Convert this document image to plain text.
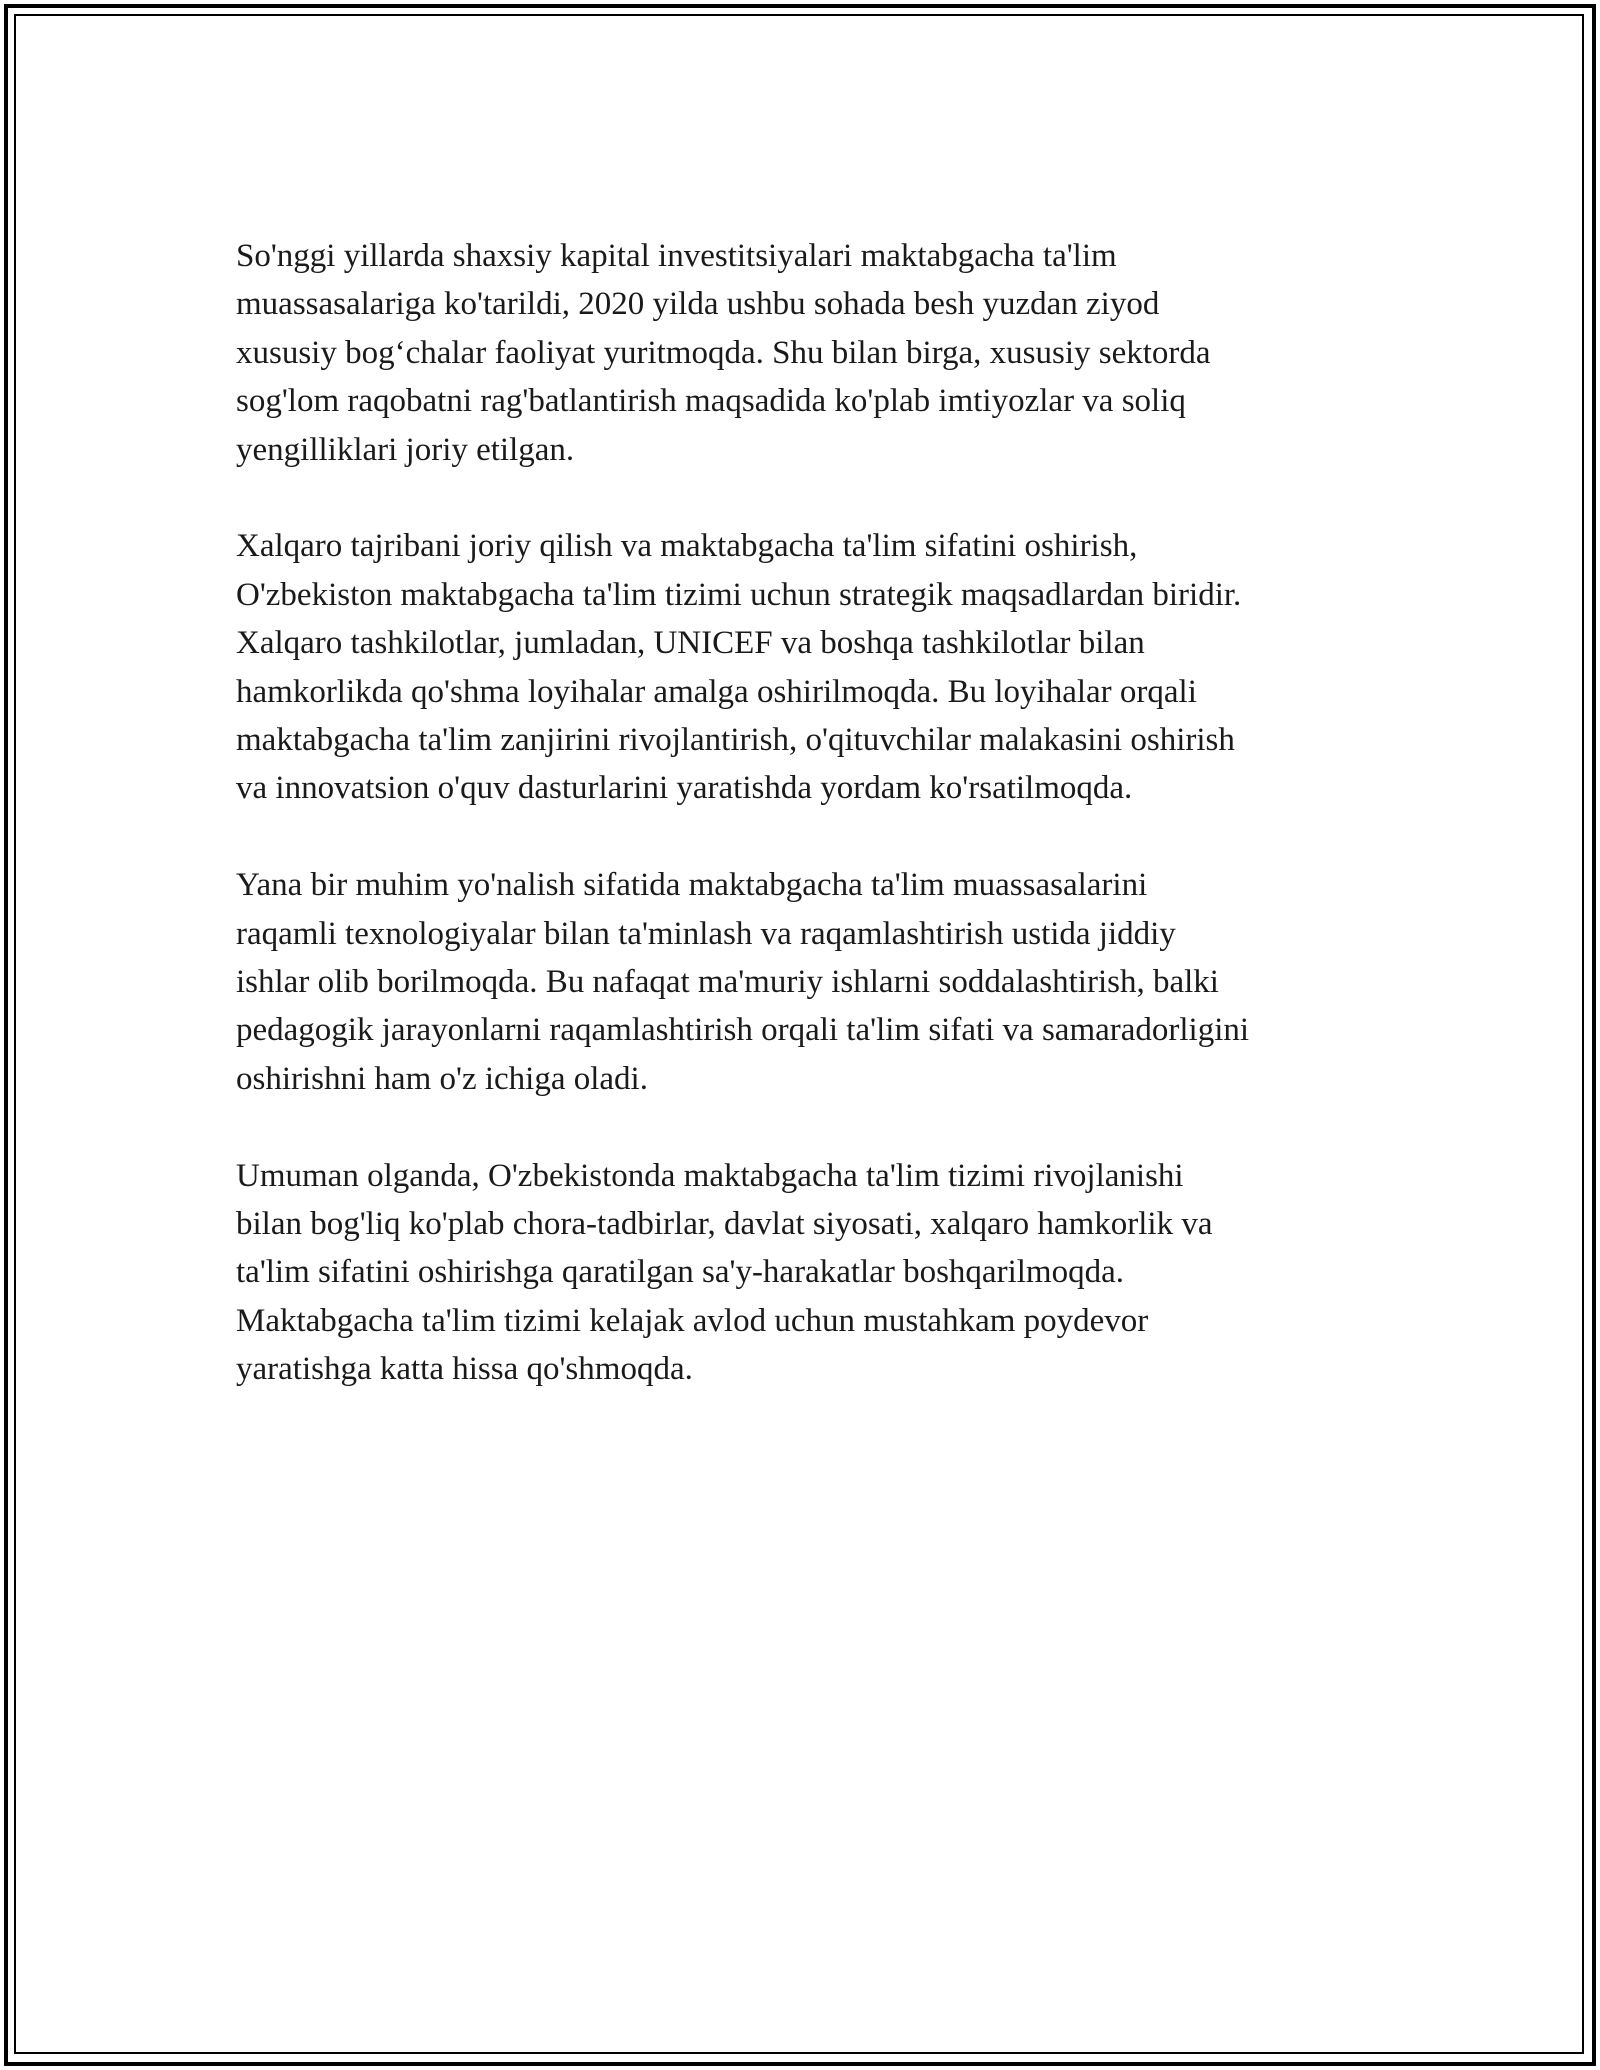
So'nggi yillarda shaxsiy kapital investitsiyalari maktabgacha ta'lim
muassasalariga ko'tarildi, 2020 yilda ushbu sohada besh yuzdan ziyod
xususiy bog‘chalar faoliyat yuritmoqda. Shu bilan birga, xususiy sektorda
sog'lom raqobatni rag'batlantirish maqsadida ko'plab imtiyozlar va soliq
yengilliklari joriy etilgan.

Xalqaro tajribani joriy qilish va maktabgacha ta'lim sifatini oshirish,
O'zbekiston maktabgacha ta'lim tizimi uchun strategik maqsadlardan biridir.
Xalqaro tashkilotlar, jumladan, UNICEF va boshqa tashkilotlar bilan
hamkorlikda qo'shma loyihalar amalga oshirilmoqda. Bu loyihalar orqali
maktabgacha ta'lim zanjirini rivojlantirish, o'qituvchilar malakasini oshirish
va innovatsion o'quv dasturlarini yaratishda yordam ko'rsatilmoqda.

Yana bir muhim yo'nalish sifatida maktabgacha ta'lim muassasalarini
raqamli texnologiyalar bilan ta'minlash va raqamlashtirish ustida jiddiy
ishlar olib borilmoqda. Bu nafaqat ma'muriy ishlarni soddalashtirish, balki
pedagogik jarayonlarni raqamlashtirish orqali ta'lim sifati va samaradorligini
oshirishni ham o'z ichiga oladi.

Umuman olganda, O'zbekistonda maktabgacha ta'lim tizimi rivojlanishi
bilan bog'liq ko'plab chora-tadbirlar, davlat siyosati, xalqaro hamkorlik va
ta'lim sifatini oshirishga qaratilgan sa'y-harakatlar boshqarilmoqda.
Maktabgacha ta'lim tizimi kelajak avlod uchun mustahkam poydevor
yaratishga katta hissa qo'shmoqda.
